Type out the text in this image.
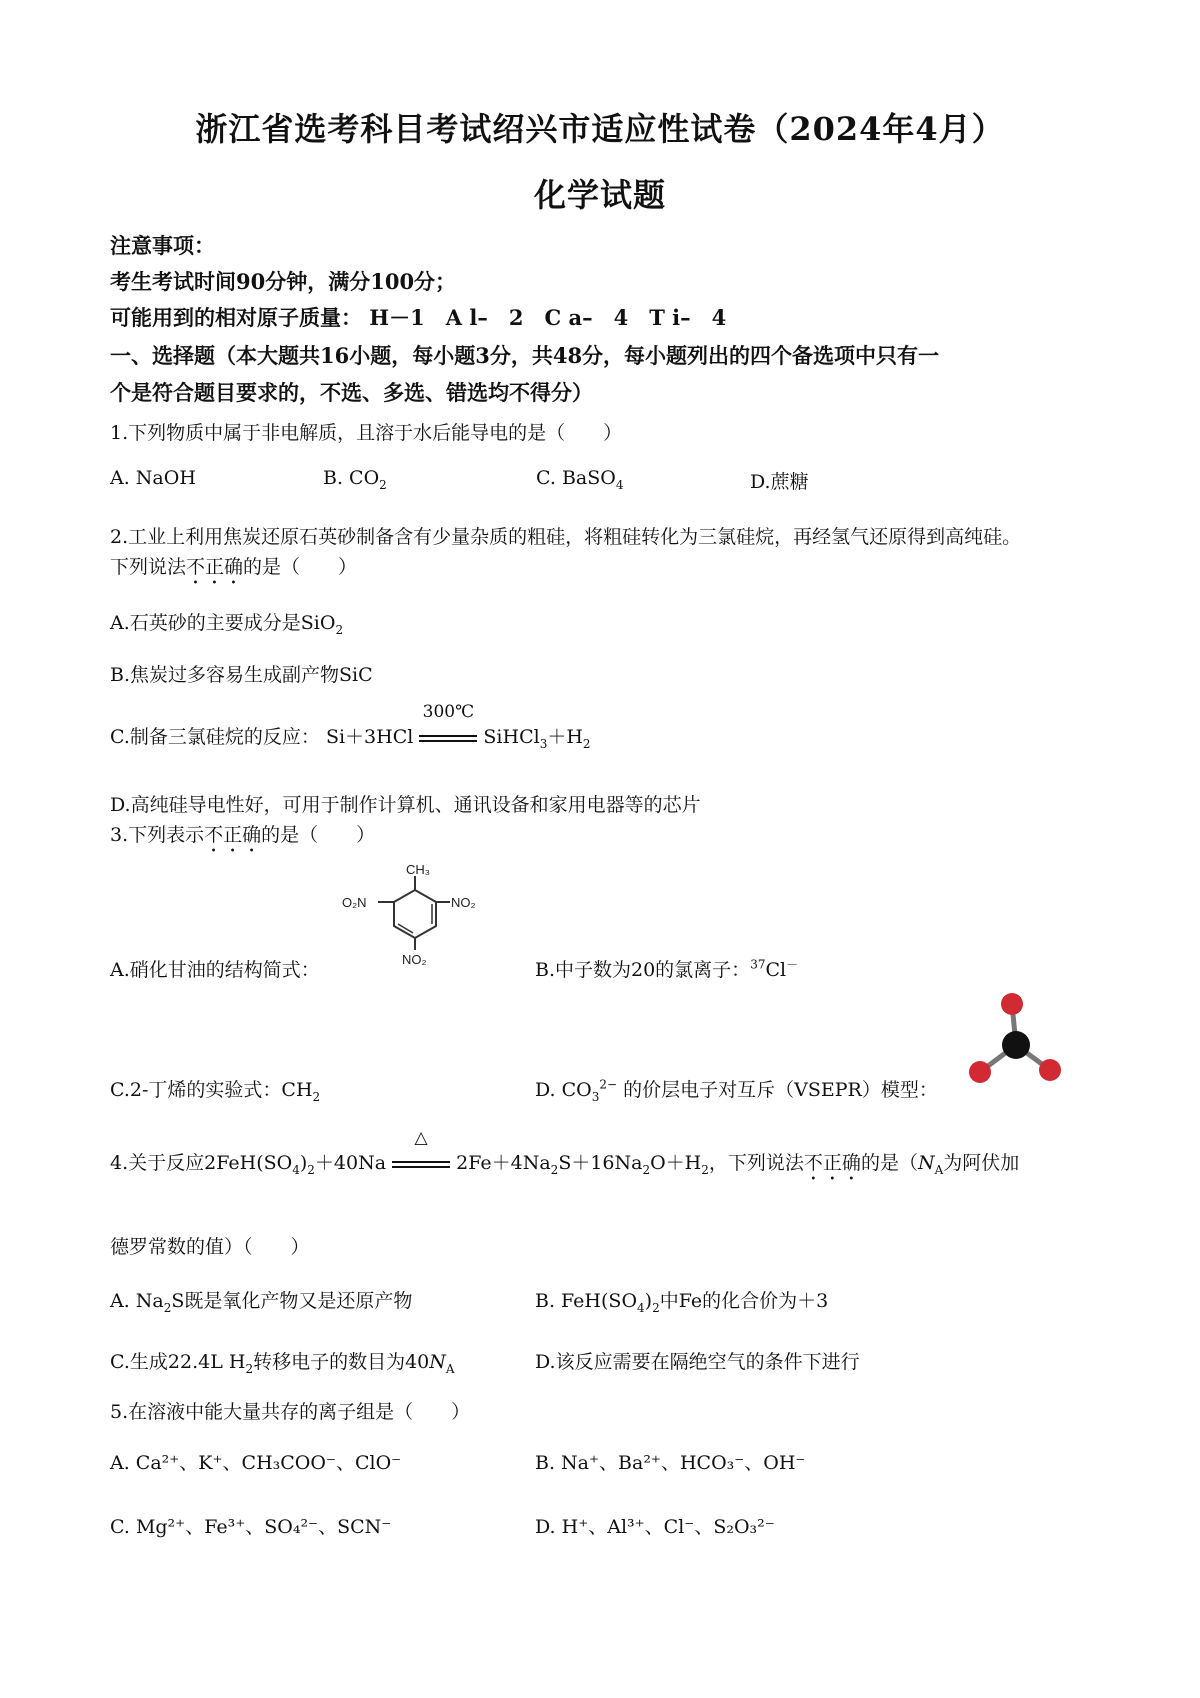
浙江省选考科目考试绍兴市适应性试卷（2024年4月）
化学试题
注意事项：
考生考试时间90分钟，满分100分；
可能用到的相对原子质量： H－1　A l–　2　C a–　4　T i–　4
一、选择题（本大题共16小题，每小题3分，共48分，每小题列出的四个备选项中只有一
个是符合题目要求的，不选、多选、错选均不得分）
1.下列物质中属于非电解质，且溶于水后能导电的是（　　）
A. NaOH	B. $CO_2$	C. BaSO$_4$	D.蔗糖
2.工业上利用焦炭还原石英砂制备含有少量杂质的粗硅，将粗硅转化为三氯硅烷，再经氢气还原得到高纯硅。
下列说法不正确的是（　　）
A.石英砂的主要成分是SiO$_2$
B.焦炭过多容易生成副产物SiC
C.制备三氯硅烷的反应： Si＋3HCl
300℃
$SiHCl_3+H_2$
D.高纯硅导电性好，可用于制作计算机、通讯设备和家用电器等的芯片
3.下列表示不正确的是（　　）
CH₃
O₂N	NO₂
NO₂
A.硝化甘油的结构简式：	B.中子数为20的氯离子：$^{37}$Cl－
C.2-丁烯的实验式：$CH_2$	D. $CO_3^{2-}$ 的价层电子对互斥（VSEPR）模型：
4.关于反应$2FeH(SO_4)_2+40Na$
△
$2Fe+4Na_2S+16Na_2O+H_2$，下列说法不正确的是（$N_A$为阿伏加
德罗常数的值）（　　）
A. $Na_2S$既是氧化产物又是还原产物	B. $FeH(SO_4)_2$中Fe的化合价为＋3
C.生成22.4L $H_2$转移电子的数目为$40N_A$	D.该反应需要在隔绝空气的条件下进行
5.在溶液中能大量共存的离子组是（　　）
A. Ca²⁺、K⁺、CH₃COO⁻、ClO⁻	B. Na⁺、Ba²⁺、HCO₃⁻、OH⁻
C. Mg²⁺、Fe³⁺、SO₄²⁻、SCN⁻	D. H⁺、Al³⁺、Cl⁻、S₂O₃²⁻
